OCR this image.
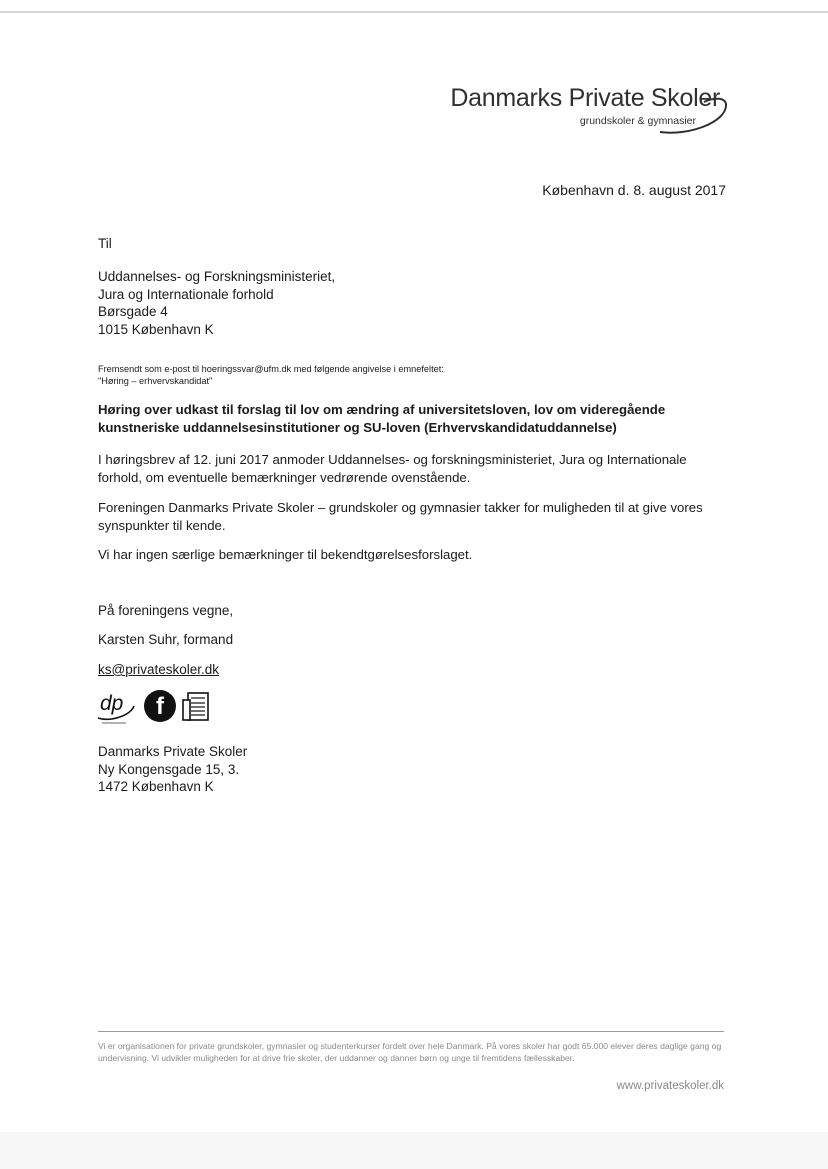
Danmarks Private Skoler
grundskoler & gymnasier
København d. 8. august 2017
Til
Uddannelses- og Forskningsministeriet,
Jura og Internationale forhold
Børsgade 4
1015 København K
Fremsendt som e-post til hoeringssvar@ufm.dk med følgende angivelse i emnefeltet:
"Høring – erhvervskandidat"
Høring over udkast til forslag til lov om ændring af universitetsloven, lov om videregående kunstneriske uddannelsesinstitutioner og SU-loven (Erhvervskandidatuddannelse)
I høringsbrev af 12. juni 2017 anmoder Uddannelses- og forskningsministeriet, Jura og Internationale forhold, om eventuelle bemærkninger vedrørende ovenstående.
Foreningen Danmarks Private Skoler – grundskoler og gymnasier takker for muligheden til at give vores synspunkter til kende.
Vi har ingen særlige bemærkninger til bekendtgørelsesforslaget.
På foreningens vegne,
Karsten Suhr, formand
ks@privateskoler.dk
dp	f
Danmarks Private Skoler
Ny Kongensgade 15, 3.
1472 København K
Vi er organisationen for private grundskoler, gymnasier og studenterkurser fordelt over hele Danmark. På vores skoler har godt 65.000 elever deres daglige gang og undervisning. Vi udvikler muligheden for at drive frie skoler, der uddanner og danner børn og unge til fremtidens fællesskaber.
www.privateskoler.dk
